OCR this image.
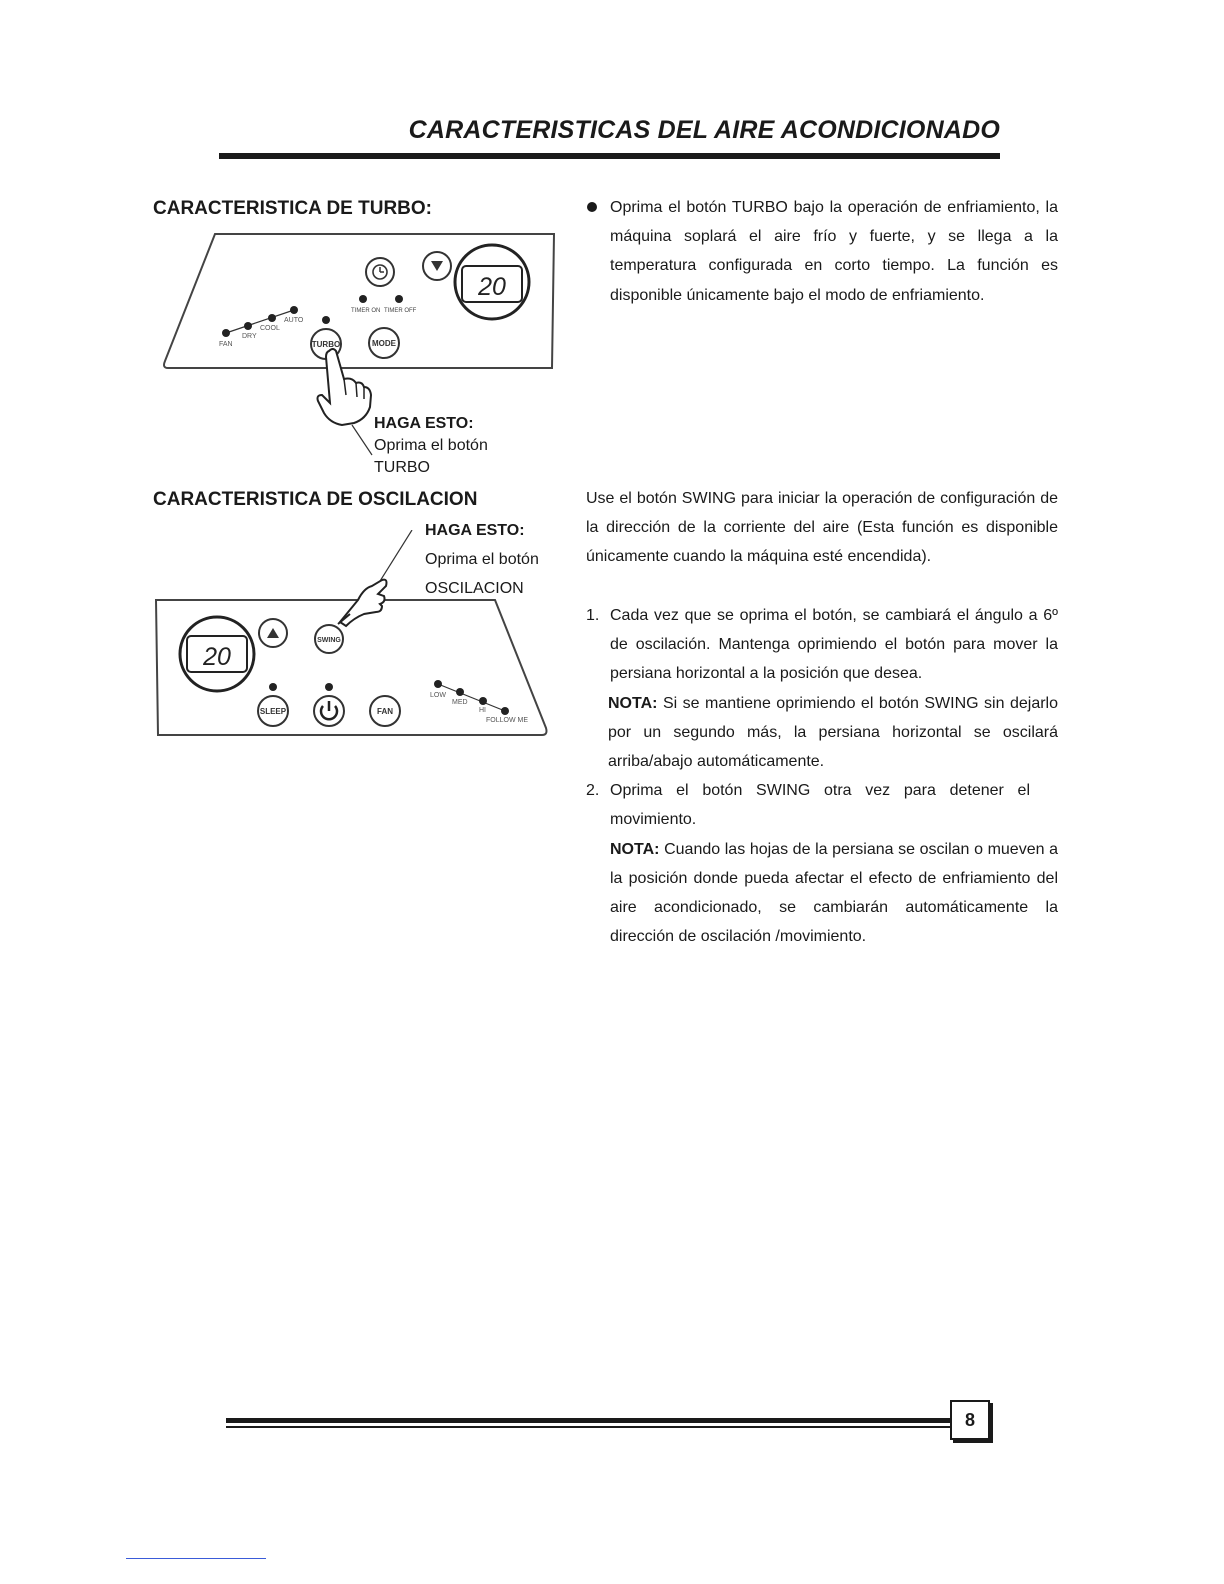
CARACTERISTICAS DEL AIRE ACONDICIONADO
CARACTERISTICA DE TURBO:
20
TIMER ON TIMER OFF
FAN
DRY
COOL
AUTO
TURBO	MODE
HAGA ESTO:
Oprima el botón
TURBO
Oprima el botón TURBO bajo la operación de enfriamiento, la máquina soplará el aire frío y fuerte, y se llega a la temperatura configurada en corto tiempo. La función es disponible únicamente bajo el modo de enfriamiento.
CARACTERISTICA DE OSCILACION
HAGA ESTO:
Oprima el botón
OSCILACION
20
SWING
SLEEP	FAN
LOW
MED
HI
FOLLOW ME
Use el botón SWING para iniciar la operación de configuración de la dirección de la corriente del aire (Esta función es disponible únicamente cuando la máquina esté encendida).
1. Cada vez que se oprima el botón, se cambiará el ángulo a 6º de oscilación. Mantenga oprimiendo el botón para mover la persiana horizontal a la posición que desea.
NOTA: Si se mantiene oprimiendo el botón SWING sin dejarlo por un segundo más, la persiana horizontal se oscilará arriba/abajo automáticamente.
2. Oprima el botón SWING otra vez para detener el movimiento.
NOTA: Cuando las hojas de la persiana se oscilan o mueven a la posición donde pueda afectar el efecto de enfriamiento del aire acondicionado, se cambiarán automáticamente la dirección de oscilación /movimiento.
8
